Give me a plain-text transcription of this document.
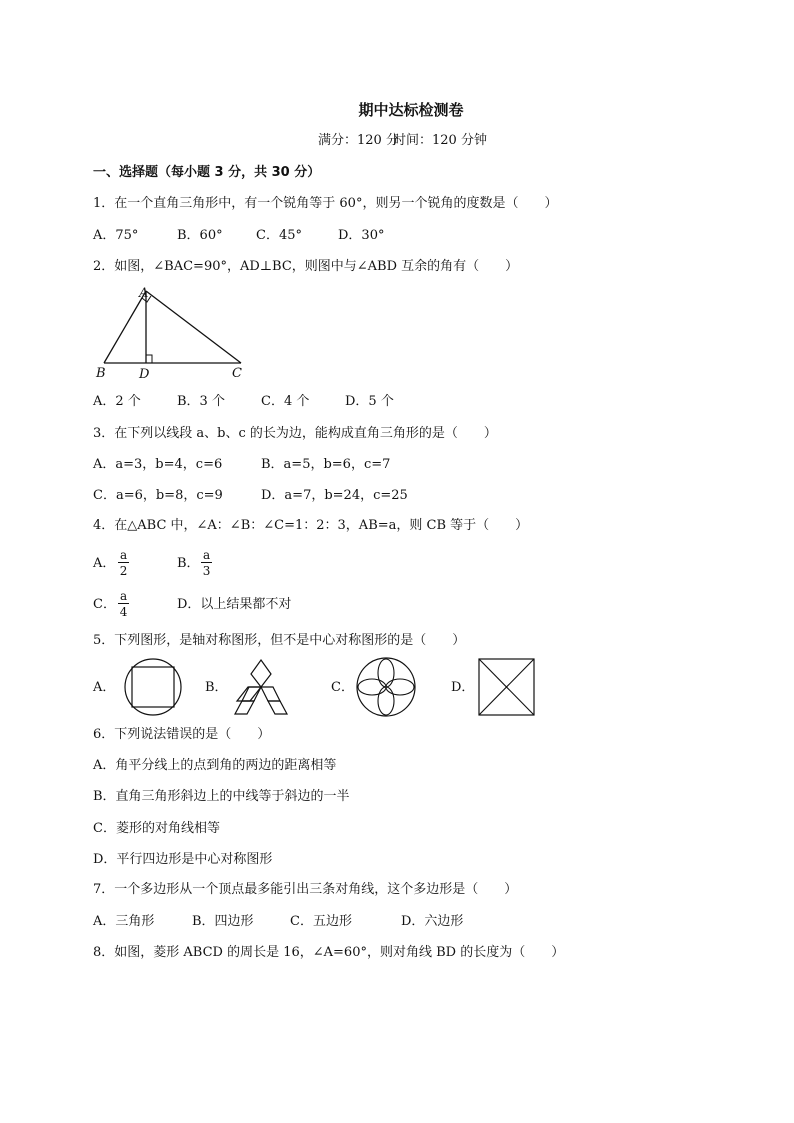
期中达标检测卷
满分：120 分
时间：120 分钟
一、选择题（每小题 3 分，共 30 分）
1．在一个直角三角形中，有一个锐角等于 60°，则另一个锐角的度数是（　　）
A．75°	B．60°	C．45°	D．30°
2．如图，∠BAC=90°，AD⊥BC，则图中与∠ABD 互余的角有（　　）
A
B	D	C
A．2 个	B．3 个	C．4 个	D．5 个
3．在下列以线段 a、b、c 的长为边，能构成直角三角形的是（　　）
A．a=3，b=4，c=6	B．a=5，b=6，c=7
C．a=6，b=8，c=9	D．a=7，b=24，c=25
4．在△ABC 中，∠A：∠B：∠C=1：2：3，AB=a，则 CB 等于（　　）
A． $\frac{a}{2}$	B． $\frac{a}{3}$
C． $\frac{a}{4}$	D．以上结果都不对
5．下列图形，是轴对称图形，但不是中心对称图形的是（　　）
A．	B．	C．	D．
6．下列说法错误的是（　　）
A．角平分线上的点到角的两边的距离相等
B．直角三角形斜边上的中线等于斜边的一半
C．菱形的对角线相等
D．平行四边形是中心对称图形
7．一个多边形从一个顶点最多能引出三条对角线，这个多边形是（　　）
A．三角形	B．四边形	C．五边形	D．六边形
8．如图，菱形 ABCD 的周长是 16，∠A=60°，则对角线 BD 的长度为（　　）
